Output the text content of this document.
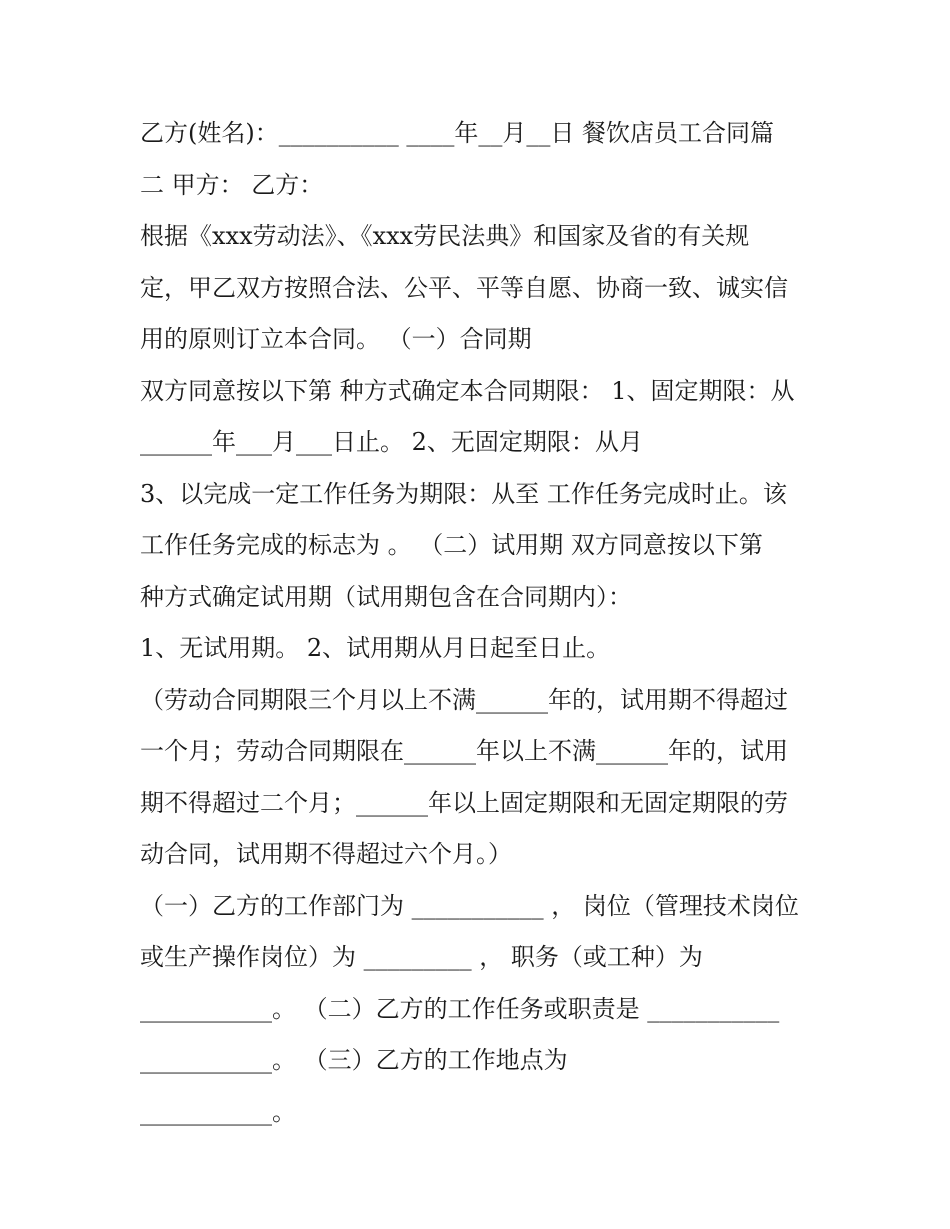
乙方(姓名)：__________ ____年__月__日 餐饮店员工合同篇
二 甲方： 乙方：
根据《xxx劳动法》、《xxx劳民法典》和国家及省的有关规
定，甲乙双方按照合法、公平、平等自愿、协商一致、诚实信
用的原则订立本合同。 （一）合同期
双方同意按以下第 种方式确定本合同期限： 1、固定期限：从
______年___月___日止。 2、无固定期限：从月
3、以完成一定工作任务为期限：从至 工作任务完成时止。该
工作任务完成的标志为 。 （二）试用期 双方同意按以下第
种方式确定试用期（试用期包含在合同期内）：
1、无试用期。 2、试用期从月日起至日止。
（劳动合同期限三个月以上不满______年的，试用期不得超过
一个月；劳动合同期限在______年以上不满______年的，试用
期不得超过二个月；______年以上固定期限和无固定期限的劳
动合同，试用期不得超过六个月。）
（一）乙方的工作部门为 ___________ ， 岗位（管理技术岗位
或生产操作岗位）为 _________ ， 职务（或工种）为
___________。 （二）乙方的工作任务或职责是 ___________
___________。 （三）乙方的工作地点为
___________。
